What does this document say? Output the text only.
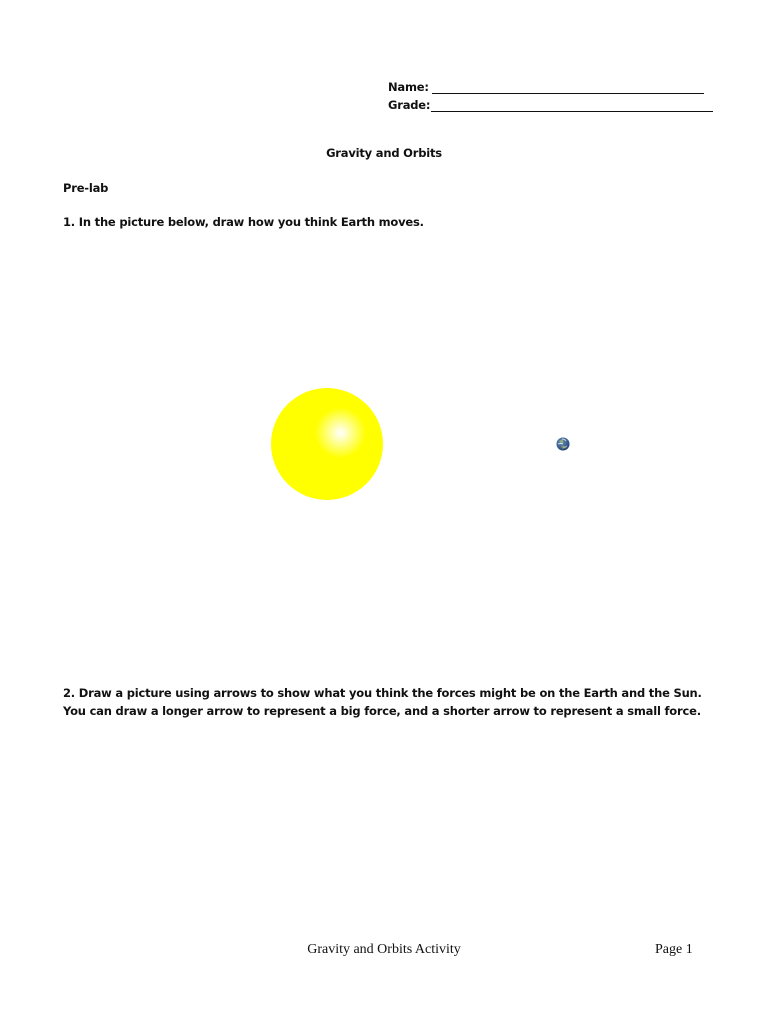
Name:
Grade:
Gravity and Orbits
Pre-lab
1. In the picture below, draw how you think Earth moves.
2. Draw a picture using arrows to show what you think the forces might be on the Earth and the Sun.
You can draw a longer arrow to represent a big force, and a shorter arrow to represent a small force.
Gravity and Orbits Activity	Page 1
